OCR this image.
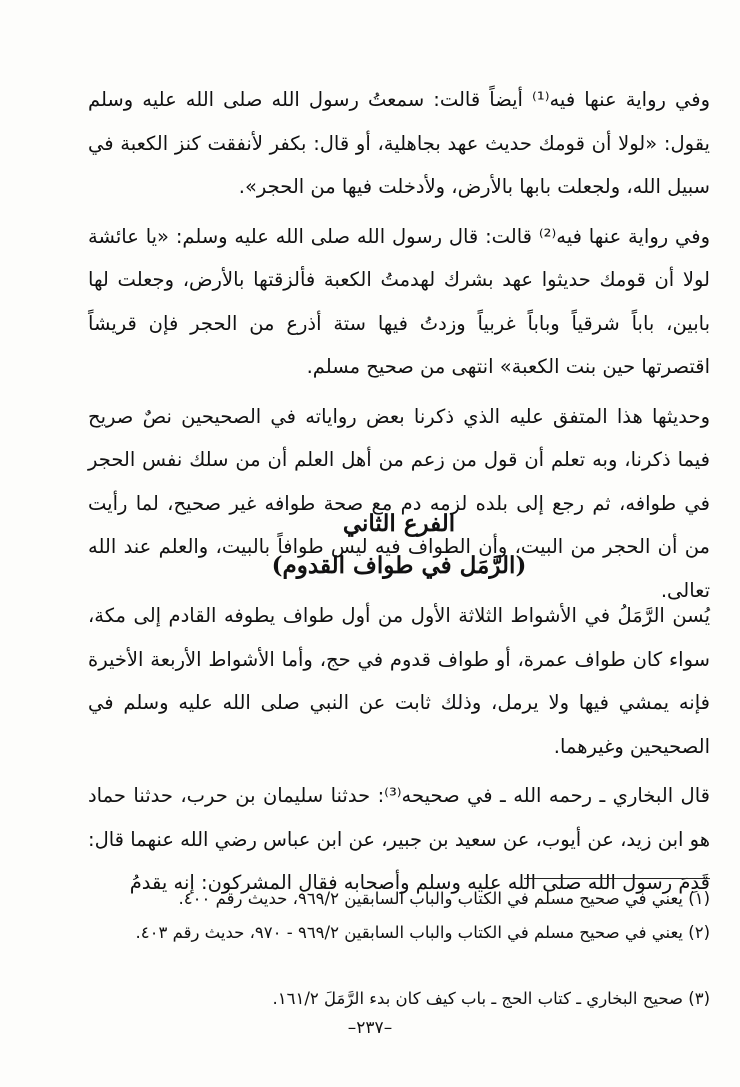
وفي رواية عنها فيه⁽¹⁾ أيضاً قالت: سمعتُ رسول الله صلى الله عليه وسلم يقول: «لولا أن قومك حديث عهد بجاهلية، أو قال: بكفر لأنفقت كنز الكعبة في سبيل الله، ولجعلت بابها بالأرض، ولأدخلت فيها من الحجر».

وفي رواية عنها فيه⁽²⁾ قالت: قال رسول الله صلى الله عليه وسلم: «يا عائشة لولا أن قومك حديثوا عهد بشرك لهدمتُ الكعبة فألزقتها بالأرض، وجعلت لها بابين، باباً شرقياً وباباً غربياً وزدتُ فيها ستة أذرع من الحجر فإن قريشاً اقتصرتها حين بنت الكعبة» انتهى من صحيح مسلم.

وحديثها هذا المتفق عليه الذي ذكرنا بعض رواياته في الصحيحين نصٌ صريح فيما ذكرنا، وبه تعلم أن قول من زعم من أهل العلم أن من سلك نفس الحجر في طوافه، ثم رجع إلى بلده لزمه دم مع صحة طوافه غير صحيح، لما رأيت من أن الحجر من البيت، وأن الطواف فيه ليس طوافاً بالبيت، والعلم عند الله تعالى.

الفرع الثاني
(الرَّمَل في طواف القدوم)

يُسن الرَّمَلُ في الأشواط الثلاثة الأول من أول طواف يطوفه القادم إلى مكة، سواء كان طواف عمرة، أو طواف قدوم في حج، وأما الأشواط الأربعة الأخيرة فإنه يمشي فيها ولا يرمل، وذلك ثابت عن النبي صلى الله عليه وسلم في الصحيحين وغيرهما.

قال البخاري ـ رحمه الله ـ في صحيحه⁽³⁾: حدثنا سليمان بن حرب، حدثنا حماد هو ابن زيد، عن أيوب، عن سعيد بن جبير، عن ابن عباس رضي الله عنهما قال: قَدِمَ رسول الله صلى الله عليه وسلم وأصحابه فقال المشركون: إنه يقدمُ

(١) يعني في صحيح مسلم في الكتاب والباب السابقين ٩٦٩/٢، حديث رقم ٤٠٠.

(٢) يعني في صحيح مسلم في الكتاب والباب السابقين ٩٦٩/٢ - ٩٧٠، حديث رقم ٤٠٣.

(٣) صحيح البخاري ـ كتاب الحج ـ باب كيف كان بدء الرَّمَلَ ١٦١/٢.

–٢٣٧–
